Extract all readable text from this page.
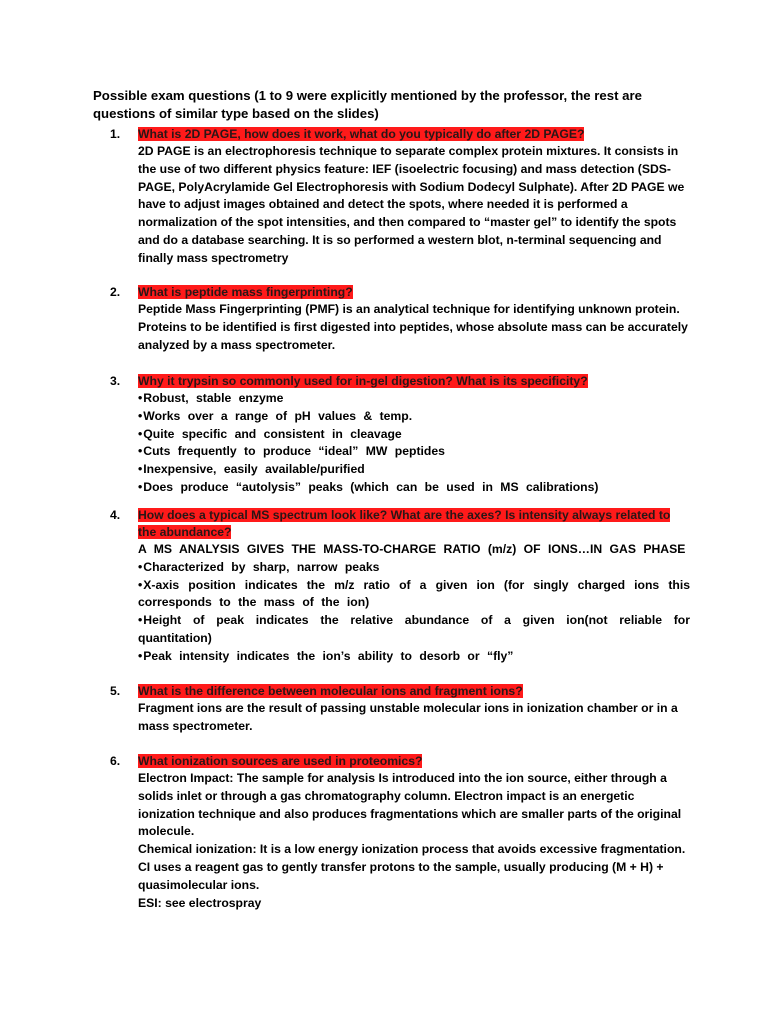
Possible exam questions (1 to 9 were explicitly mentioned by the professor, the rest are questions of similar type based on the slides)
1. What is 2D PAGE, how does it work, what do you typically do after 2D PAGE?

2D PAGE is an electrophoresis technique to separate complex protein mixtures. It consists in the use of two different physics feature: IEF (isoelectric focusing) and mass detection (SDS-PAGE, PolyAcrylamide Gel Electrophoresis with Sodium Dodecyl Sulphate). After 2D PAGE we have to adjust images obtained and detect the spots, where needed it is performed a normalization of the spot intensities, and then compared to “master gel” to identify the spots and do a database searching. It is so performed a western blot, n-terminal sequencing and finally mass spectrometry

2. What is peptide mass fingerprinting?

Peptide Mass Fingerprinting (PMF) is an analytical technique for identifying unknown protein. Proteins to be identified is first digested into peptides, whose absolute mass can be accurately analyzed by a mass spectrometer.

3. Why it trypsin so commonly used for in-gel digestion? What is its specificity?
• Robust, stable enzyme
• Works over a range of pH values & temp.
• Quite specific and consistent in cleavage
• Cuts frequently to produce “ideal” MW peptides
• Inexpensive, easily available/purified
• Does produce “autolysis” peaks (which can be used in MS calibrations)
4. How does a typical MS spectrum look like? What are the axes? Is intensity always related to the abundance?

A MS ANALYSIS GIVES THE MASS-TO-CHARGE RATIO (m/z) OF IONS…IN GAS PHASE

• Characterized by sharp, narrow peaks
• X-axis position indicates the m/z ratio of a given ion (for singly charged ions this corresponds to the mass of the ion)
• Height of peak indicates the relative abundance of a given ion(not reliable for quantitation)
• Peak intensity indicates the ion’s ability to desorb or “fly”
5. What is the difference between molecular ions and fragment ions?

Fragment ions are the result of passing unstable molecular ions in ionization chamber or in a mass spectrometer.

6. What ionization sources are used in proteomics?

Electron Impact: The sample for analysis Is introduced into the ion source, either through a solids inlet or through a gas chromatography column. Electron impact is an energetic ionization technique and also produces fragmentations which are smaller parts of the original molecule.

Chemical ionization: It is a low energy ionization process that avoids excessive fragmentation. CI uses a reagent gas to gently transfer protons to the sample, usually producing (M + H) + quasimolecular ions.

ESI: see electrospray
